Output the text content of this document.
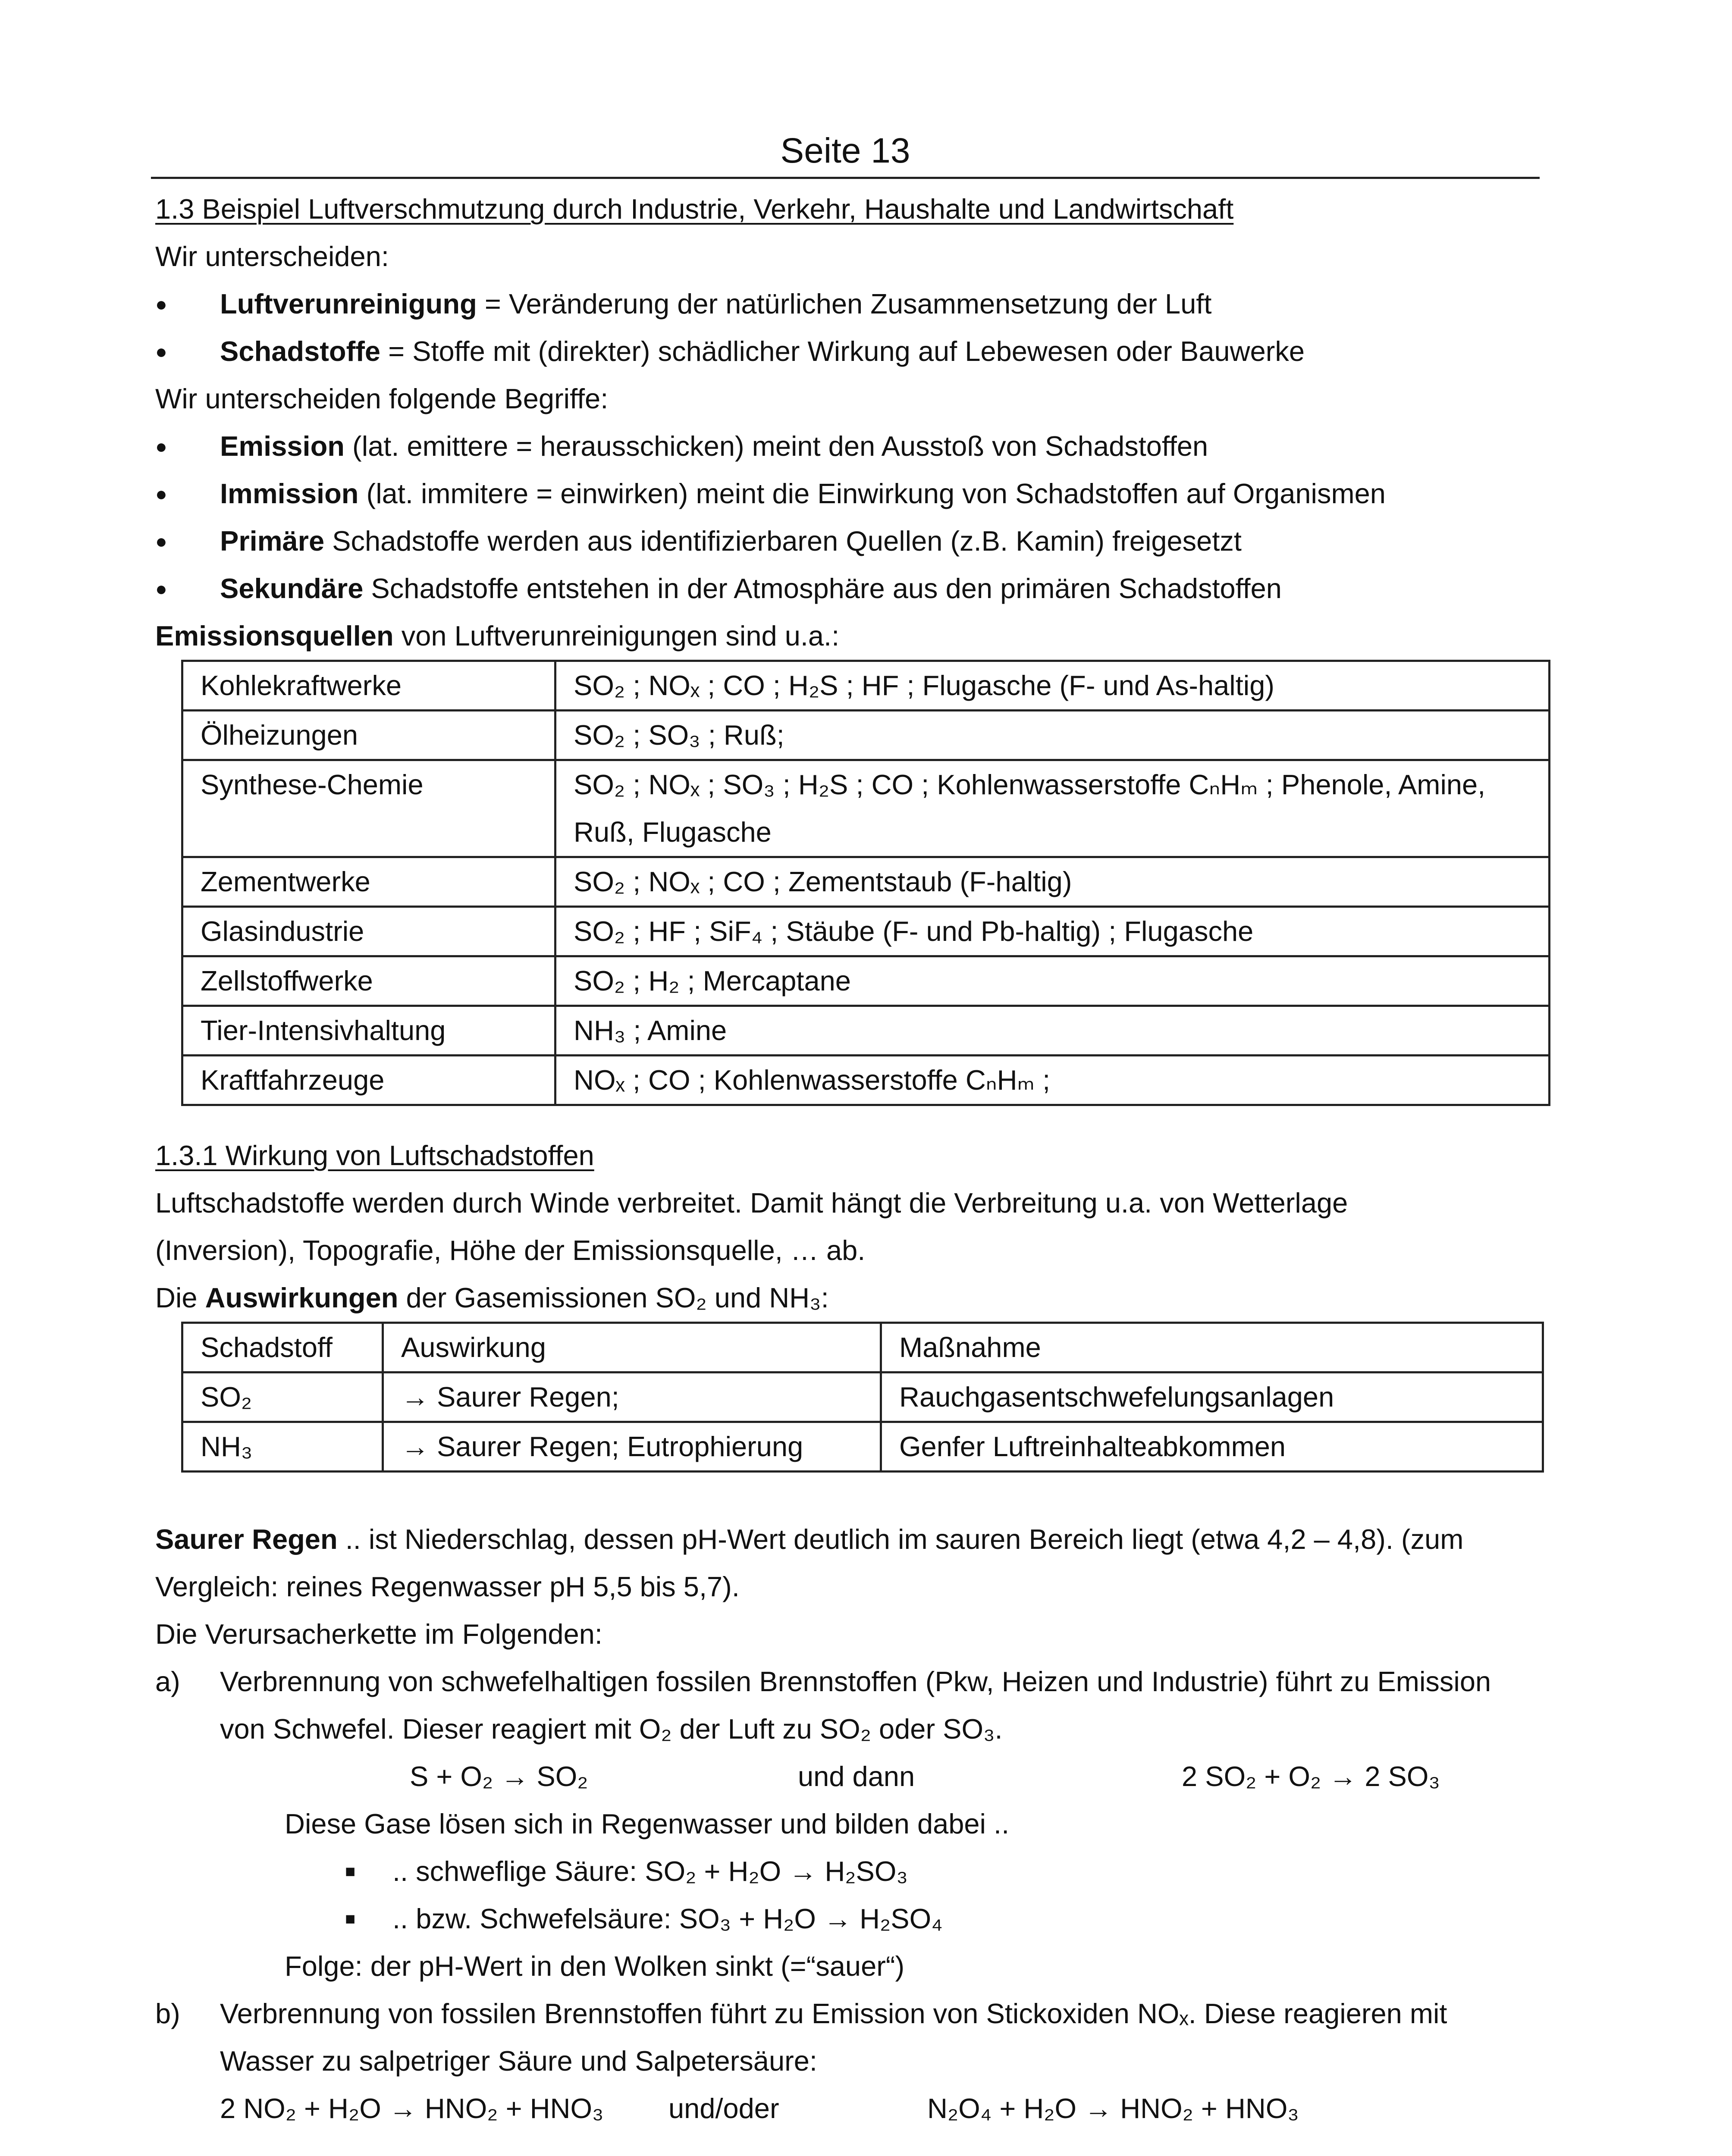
Seite 13
1.3 Beispiel Luftverschmutzung durch Industrie, Verkehr, Haushalte und Landwirtschaft
Wir unterscheiden:
● Luftverunreinigung = Veränderung der natürlichen Zusammensetzung der Luft
● Schadstoffe = Stoffe mit (direkter) schädlicher Wirkung auf Lebewesen oder Bauwerke
Wir unterscheiden folgende Begriffe:
● Emission (lat. emittere = herausschicken) meint den Ausstoß von Schadstoffen
● Immission (lat. immitere = einwirken) meint die Einwirkung von Schadstoffen auf Organismen
● Primäre Schadstoffe werden aus identifizierbaren Quellen (z.B. Kamin) freigesetzt
● Sekundäre Schadstoffe entstehen in der Atmosphäre aus den primären Schadstoffen
Emissionsquellen von Luftverunreinigungen sind u.a.:
Kohlekraftwerke	SO₂ ; NOₓ ; CO ; H₂S ; HF ; Flugasche (F- und As-haltig)
Ölheizungen	SO₂ ; SO₃ ; Ruß;
Synthese-Chemie	SO₂ ; NOₓ ; SO₃ ; H₂S ; CO ; Kohlenwasserstoffe CₙHₘ ; Phenole, Amine, Ruß, Flugasche
Zementwerke	SO₂ ; NOₓ ; CO ; Zementstaub (F-haltig)
Glasindustrie	SO₂ ; HF ; SiF₄ ; Stäube (F- und Pb-haltig) ; Flugasche
Zellstoffwerke	SO₂ ; H₂ ; Mercaptane
Tier-Intensivhaltung	NH₃ ; Amine
Kraftfahrzeuge	NOₓ ; CO ; Kohlenwasserstoffe CₙHₘ ;
1.3.1 Wirkung von Luftschadstoffen
Luftschadstoffe werden durch Winde verbreitet. Damit hängt die Verbreitung u.a. von Wetterlage
(Inversion), Topografie, Höhe der Emissionsquelle, … ab.
Die Auswirkungen der Gasemissionen SO₂ und NH₃:
Schadstoff	Auswirkung	Maßnahme
SO₂	→ Saurer Regen;	Rauchgasentschwefelungsanlagen
NH₃	→ Saurer Regen; Eutrophierung	Genfer Luftreinhalteabkommen
Saurer Regen .. ist Niederschlag, dessen pH-Wert deutlich im sauren Bereich liegt (etwa 4,2 – 4,8). (zum
Vergleich: reines Regenwasser pH 5,5 bis 5,7).
Die Verursacherkette im Folgenden:
a) Verbrennung von schwefelhaltigen fossilen Brennstoffen (Pkw, Heizen und Industrie) führt zu Emission
von Schwefel. Dieser reagiert mit O₂ der Luft zu SO₂ oder SO₃.
S + O₂ → SO₂	und dann	2 SO₂ + O₂ → 2 SO₃
Diese Gase lösen sich in Regenwasser und bilden dabei ..
■ .. schweflige Säure: SO₂ + H₂O → H₂SO₃
■ .. bzw. Schwefelsäure: SO₃ + H₂O → H₂SO₄
Folge: der pH-Wert in den Wolken sinkt (=“sauer“)
b) Verbrennung von fossilen Brennstoffen führt zu Emission von Stickoxiden NOₓ. Diese reagieren mit
Wasser zu salpetriger Säure und Salpetersäure:
2 NO₂ + H₂O → HNO₂ + HNO₃ und/oder	N₂O₄ + H₂O → HNO₂ + HNO₃
